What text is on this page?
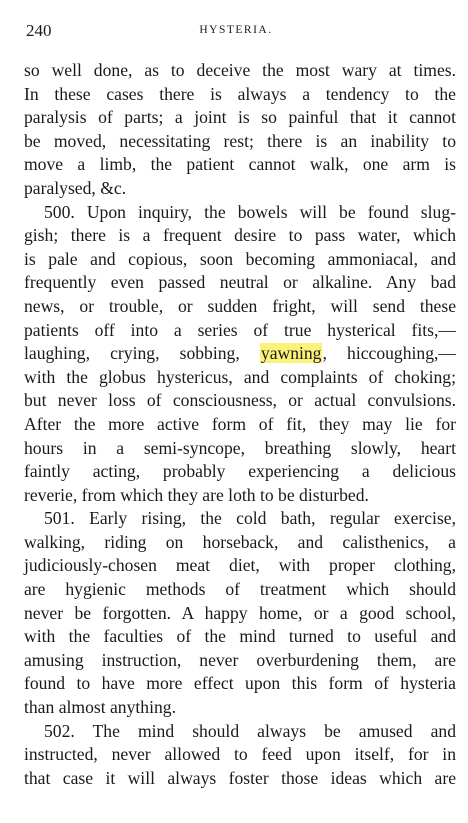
240	HYSTERIA.
so well done, as to deceive the most wary at times.
In these cases there is always a tendency to the
paralysis of parts; a joint is so painful that it cannot
be moved, necessitating rest; there is an inability to
move a limb, the patient cannot walk, one arm is
paralysed, &c.
500. Upon inquiry, the bowels will be found slug-
gish; there is a frequent desire to pass water, which
is pale and copious, soon becoming ammoniacal, and
frequently even passed neutral or alkaline. Any bad
news, or trouble, or sudden fright, will send these
patients off into a series of true hysterical fits,—
laughing, crying, sobbing, yawning, hiccoughing,—
with the globus hystericus, and complaints of choking;
but never loss of consciousness, or actual convulsions.
After the more active form of fit, they may lie for
hours in a semi-syncope, breathing slowly, heart
faintly acting, probably experiencing a delicious
reverie, from which they are loth to be disturbed.
501. Early rising, the cold bath, regular exercise,
walking, riding on horseback, and calisthenics, a
judiciously-chosen meat diet, with proper clothing,
are hygienic methods of treatment which should
never be forgotten. A happy home, or a good school,
with the faculties of the mind turned to useful and
amusing instruction, never overburdening them, are
found to have more effect upon this form of hysteria
than almost anything.
502. The mind should always be amused and
instructed, never allowed to feed upon itself, for in
that case it will always foster those ideas which are
